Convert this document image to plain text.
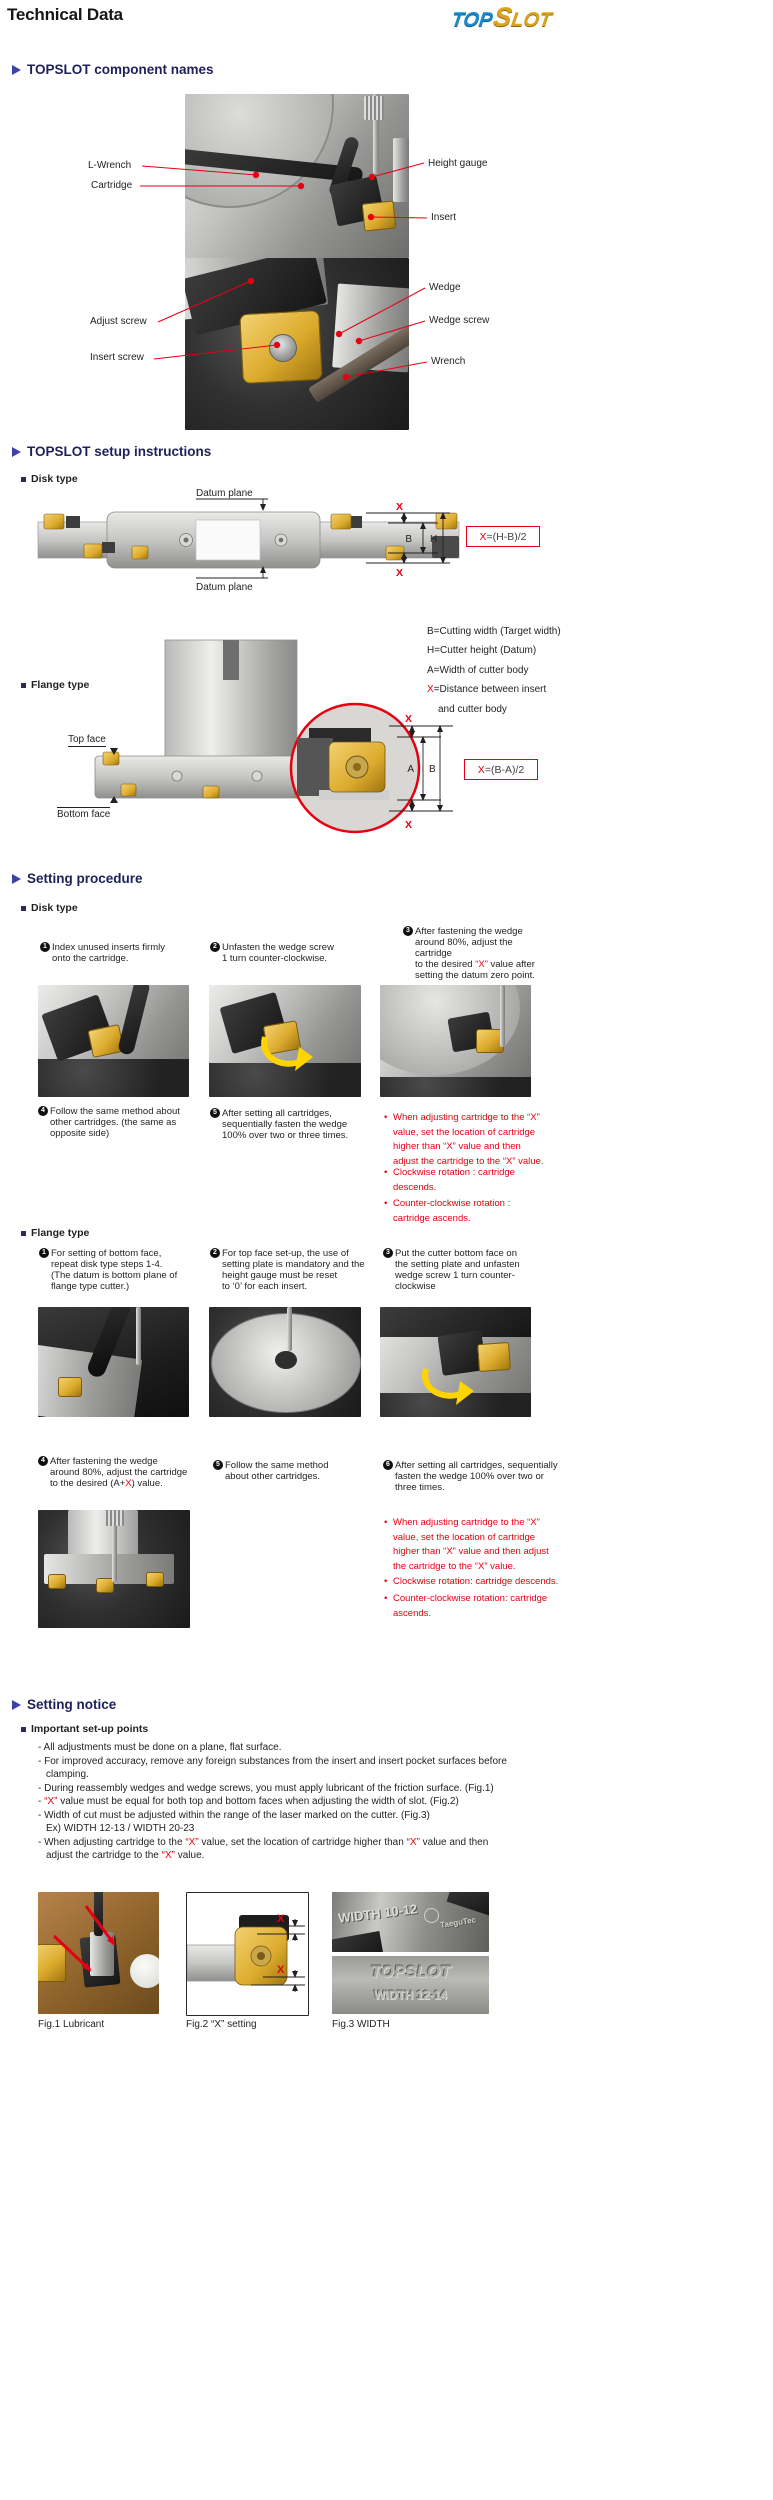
Technical Data	TOPSLOT
TOPSLOT component names
L-Wrench
Cartridge
Height gauge
Insert
Adjust screw
Insert screw
Wedge
Wedge screw
Wrench
TOPSLOT setup instructions
Disk type
Datum plane
Datum plane
X
B H
X
X =(H-B)/2
B=Cutting width (Target width)
H=Cutter height (Datum)
A=Width of cutter body
X=Distance between insert
and cutter body
Flange type
X
A B
X
Top face
Bottom face
X =(B-A)/2
Setting procedure
Disk type
1 Index unused inserts firmly
onto the cartridge.
2 Unfasten the wedge screw
1 turn counter-clockwise.
3 After fastening the wedge
around 80%, adjust the cartridge
to the desired “X” value after
setting the datum zero point.
4 Follow the same method about
other cartridges. (the same as
opposite side)
5 After setting all cartridges,
sequentially fasten the wedge
100% over two or three times.
• When adjusting cartridge to the “X”
value, set the location of cartridge
higher than “X” value and then
adjust the cartridge to the “X” value.
• Clockwise rotation : cartridge
descends.
• Counter-clockwise rotation :
cartridge ascends.
Flange type
1 For setting of bottom face,
repeat disk type steps 1-4.
(The datum is bottom plane of
flange type cutter.)
2 For top face set-up, the use of
setting plate is mandatory and the
height gauge must be reset
to ‘0’ for each insert.
3 Put the cutter bottom face on
the setting plate and unfasten
wedge screw 1 turn counter-
clockwise
4 After fastening the wedge
around 80%, adjust the cartridge
to the desired (A+X) value.
5 Follow the same method
about other cartridges.
6 After setting all cartridges, sequentially
fasten the wedge 100% over two or
three times.
• When adjusting cartridge to the “X”
value, set the location of cartridge
higher than “X” value and then adjust
the cartridge to the “X” value.
• Clockwise rotation: cartridge descends.
• Counter-clockwise rotation: cartridge
ascends.
Setting notice
Important set-up points
- All adjustments must be done on a plane, flat surface.
- For improved accuracy, remove any foreign substances from the insert and insert pocket surfaces before
clamping.
- During reassembly wedges and wedge screws, you must apply lubricant of the friction surface. (Fig.1)
- “X” value must be equal for both top and bottom faces when adjusting the width of slot. (Fig.2)
- Width of cut must be adjusted within the range of the laser marked on the cutter. (Fig.3)
Ex) WIDTH 12-13 / WIDTH 20-23
- When adjusting cartridge to the “X” value, set the location of cartridge higher than “X” value and then
adjust the cartridge to the “X” value.
X
X
WIDTH 10-12	TaeguTec
TOPSLOT
WIDTH 12-14
Fig.1 Lubricant	Fig.2 “X” setting	Fig.3 WIDTH
